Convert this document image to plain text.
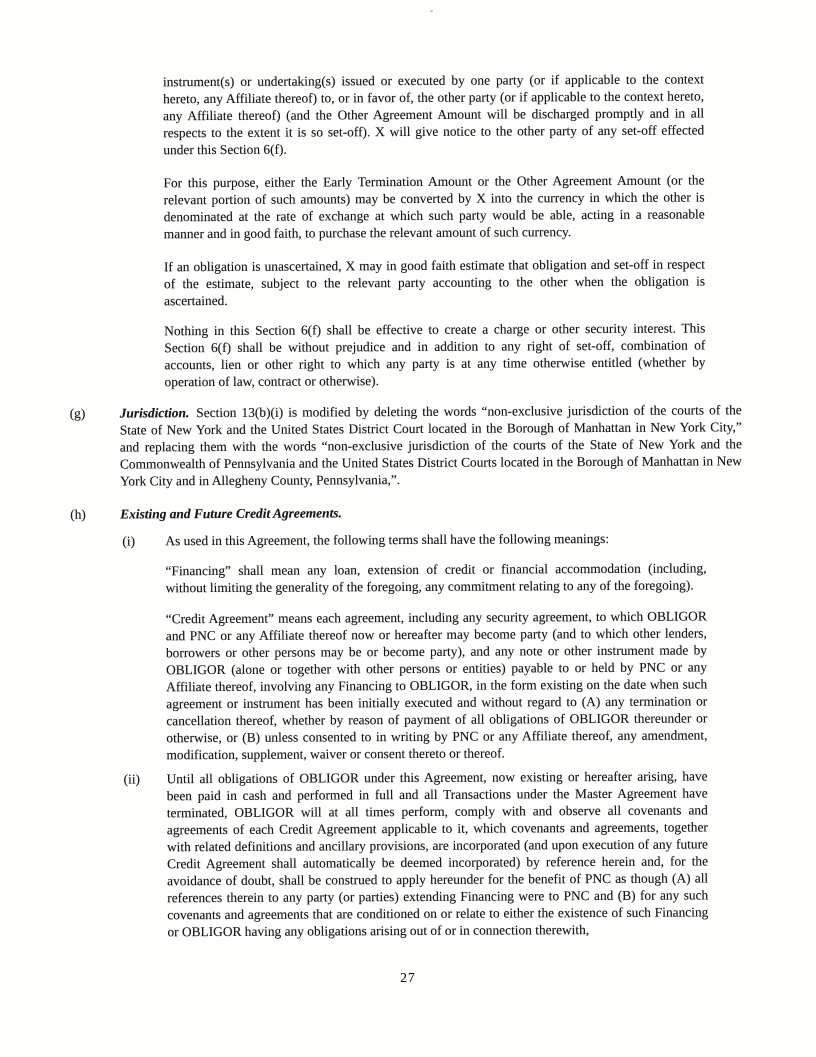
instrument(s) or undertaking(s) issued or executed by one party (or if applicable to the context hereto, any Affiliate thereof) to, or in favor of, the other party (or if applicable to the context hereto, any Affiliate thereof) (and the Other Agreement Amount will be discharged promptly and in all respects to the extent it is so set-off). X will give notice to the other party of any set-off effected under this Section 6(f).

For this purpose, either the Early Termination Amount or the Other Agreement Amount (or the relevant portion of such amounts) may be converted by X into the currency in which the other is denominated at the rate of exchange at which such party would be able, acting in a reasonable manner and in good faith, to purchase the relevant amount of such currency.

If an obligation is unascertained, X may in good faith estimate that obligation and set-off in respect of the estimate, subject to the relevant party accounting to the other when the obligation is ascertained.

Nothing in this Section 6(f) shall be effective to create a charge or other security interest. This Section 6(f) shall be without prejudice and in addition to any right of set-off, combination of accounts, lien or other right to which any party is at any time otherwise entitled (whether by operation of law, contract or otherwise).

(g)	Jurisdiction. Section 13(b)(i) is modified by deleting the words “non-exclusive jurisdiction of the courts of the State of New York and the United States District Court located in the Borough of Manhattan in New York City,” and replacing them with the words “non-exclusive jurisdiction of the courts of the State of New York and the Commonwealth of Pennsylvania and the United States District Courts located in the Borough of Manhattan in New York City and in Allegheny County, Pennsylvania,”.

(h)	Existing and Future Credit Agreements.

(i)	As used in this Agreement, the following terms shall have the following meanings:

“Financing” shall mean any loan, extension of credit or financial accommodation (including, without limiting the generality of the foregoing, any commitment relating to any of the foregoing).

“Credit Agreement” means each agreement, including any security agreement, to which OBLIGOR and PNC or any Affiliate thereof now or hereafter may become party (and to which other lenders, borrowers or other persons may be or become party), and any note or other instrument made by OBLIGOR (alone or together with other persons or entities) payable to or held by PNC or any Affiliate thereof, involving any Financing to OBLIGOR, in the form existing on the date when such agreement or instrument has been initially executed and without regard to (A) any termination or cancellation thereof, whether by reason of payment of all obligations of OBLIGOR thereunder or otherwise, or (B) unless consented to in writing by PNC or any Affiliate thereof, any amendment, modification, supplement, waiver or consent thereto or thereof.

(ii)	Until all obligations of OBLIGOR under this Agreement, now existing or hereafter arising, have been paid in cash and performed in full and all Transactions under the Master Agreement have terminated, OBLIGOR will at all times perform, comply with and observe all covenants and agreements of each Credit Agreement applicable to it, which covenants and agreements, together with related definitions and ancillary provisions, are incorporated (and upon execution of any future Credit Agreement shall automatically be deemed incorporated) by reference herein and, for the avoidance of doubt, shall be construed to apply hereunder for the benefit of PNC as though (A) all references therein to any party (or parties) extending Financing were to PNC and (B) for any such covenants and agreements that are conditioned on or relate to either the existence of such Financing or OBLIGOR having any obligations arising out of or in connection therewith,

27
